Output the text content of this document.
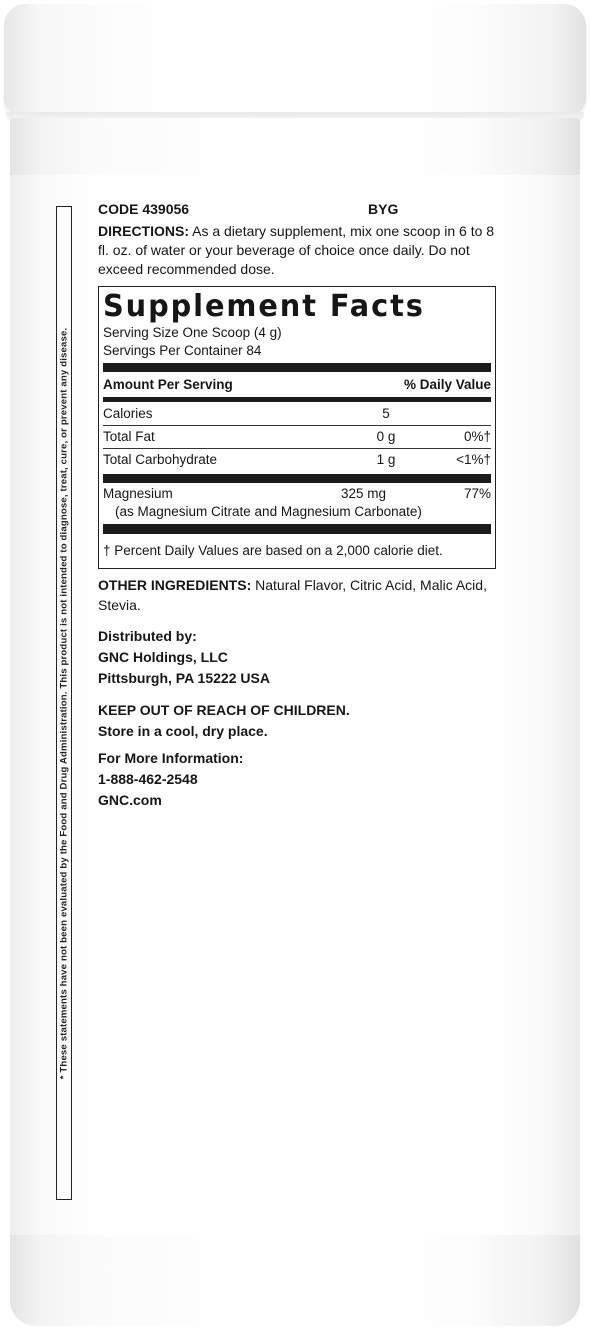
* These statements have not been evaluated by the Food and Drug Administration. This product is not intended to diagnose, treat, cure, or prevent any disease.
CODE 439056	BYG
DIRECTIONS: As a dietary supplement, mix one scoop in 6 to 8 fl. oz. of water or your beverage of choice once daily. Do not exceed recommended dose.
Supplement Facts
Serving Size One Scoop (4 g)
Servings Per Container 84
Amount Per Serving	% Daily Value
Calories	5
Total Fat	0 g	0%†
Total Carbohydrate	1 g	<1%†
Magnesium	325 mg	77%
(as Magnesium Citrate and Magnesium Carbonate)
† Percent Daily Values are based on a 2,000 calorie diet.
OTHER INGREDIENTS: Natural Flavor, Citric Acid, Malic Acid, Stevia.
Distributed by:
GNC Holdings, LLC
Pittsburgh, PA 15222 USA
KEEP OUT OF REACH OF CHILDREN.
Store in a cool, dry place.
For More Information:
1-888-462-2548
GNC.com
